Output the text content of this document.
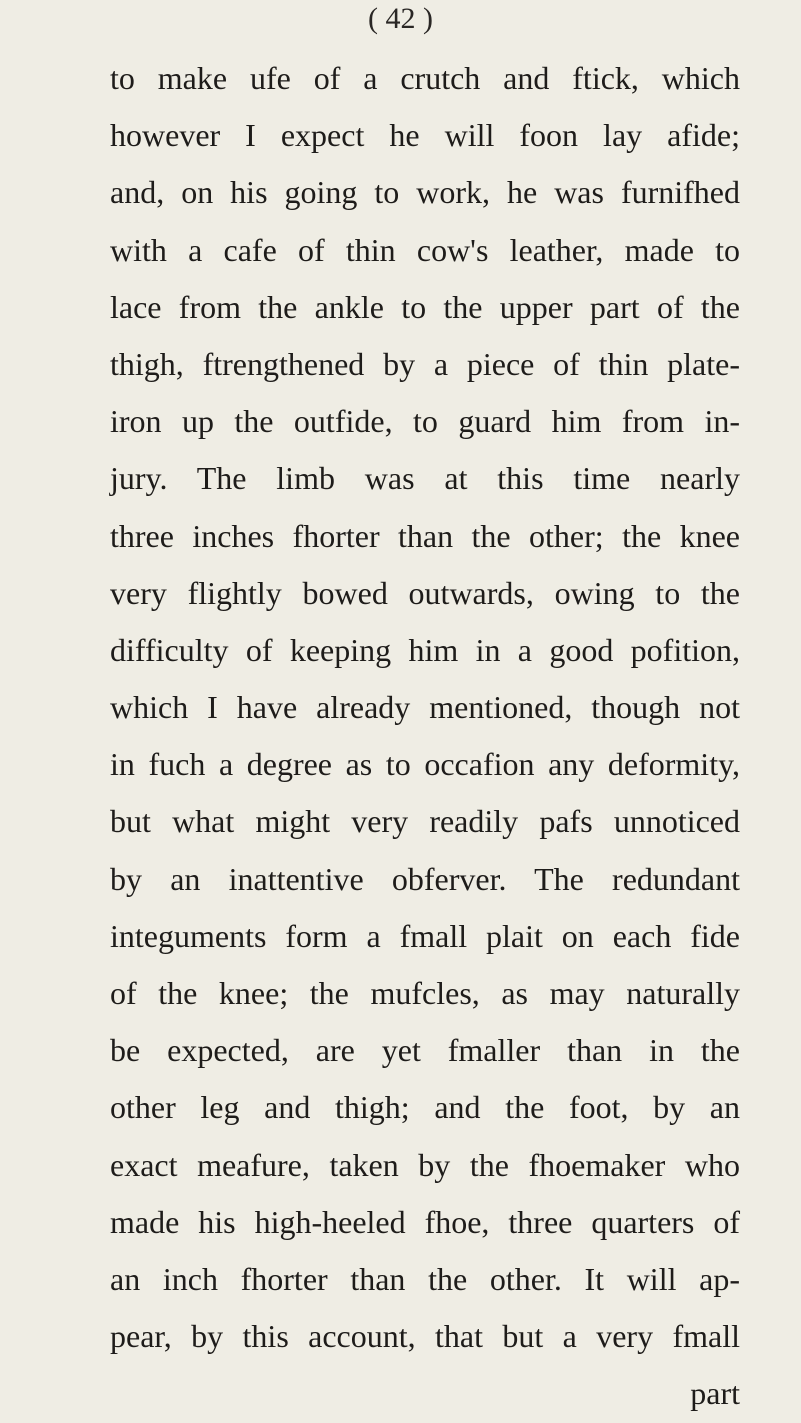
( 42 )
to make ufe of a crutch and ftick, which
however I expect he will foon lay afide;
and, on his going to work, he was furnifhed
with a cafe of thin cow's leather, made to
lace from the ankle to the upper part of the
thigh, ftrengthened by a piece of thin plate-
iron up the outfide, to guard him from in-
jury. The limb was at this time nearly
three inches fhorter than the other; the knee
very flightly bowed outwards, owing to the
difficulty of keeping him in a good pofition,
which I have already mentioned, though not
in fuch a degree as to occafion any deformity,
but what might very readily pafs unnoticed
by an inattentive obferver. The redundant
integuments form a fmall plait on each fide
of the knee; the mufcles, as may naturally
be expected, are yet fmaller than in the
other leg and thigh; and the foot, by an
exact meafure, taken by the fhoemaker who
made his high-heeled fhoe, three quarters of
an inch fhorter than the other. It will ap-
pear, by this account, that but a very fmall
part
